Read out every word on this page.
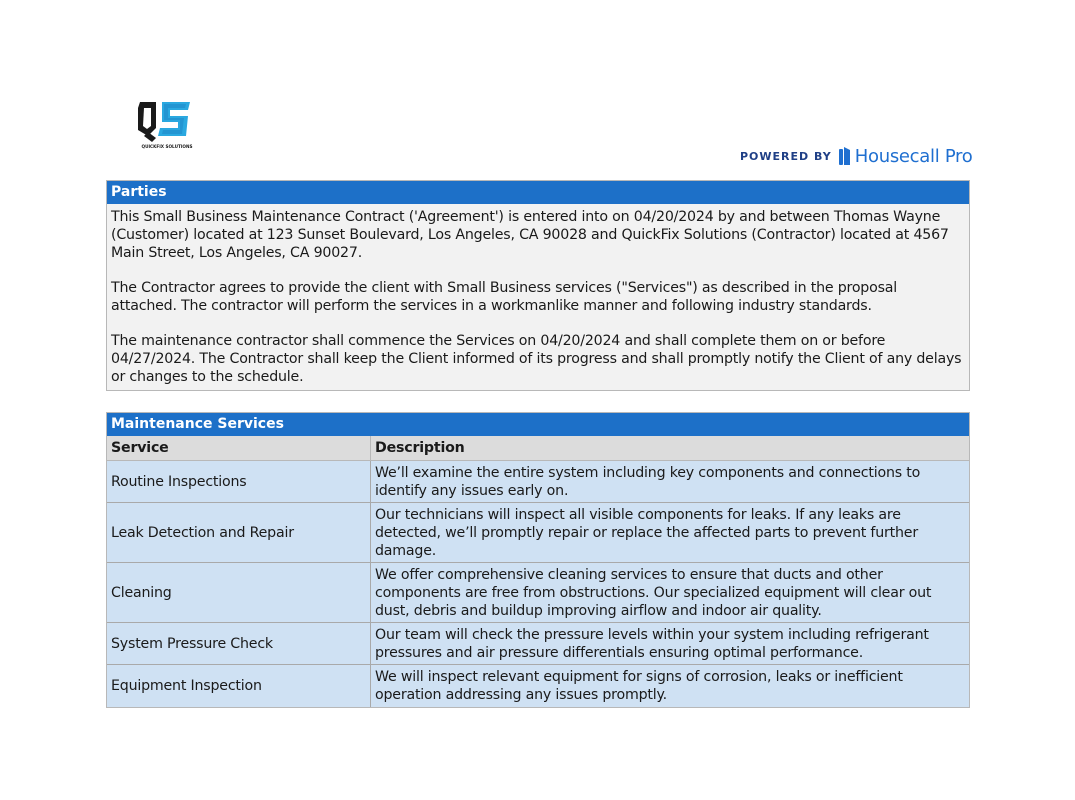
QUICKFIX SOLUTIONS
POWERED BY Housecall Pro
Parties

This Small Business Maintenance Contract ('Agreement') is entered into on 04/20/2024 by and between Thomas Wayne (Customer) located at 123 Sunset Boulevard, Los Angeles, CA 90028 and QuickFix Solutions (Contractor) located at 4567 Main Street, Los Angeles, CA 90027.

The Contractor agrees to provide the client with Small Business services ("Services") as described in the proposal attached. The contractor will perform the services in a workmanlike manner and following industry standards.

The maintenance contractor shall commence the Services on 04/20/2024 and shall complete them on or before 04/27/2024. The Contractor shall keep the Client informed of its progress and shall promptly notify the Client of any delays or changes to the schedule.

Maintenance Services
Service	Description
Routine Inspections	We’ll examine the entire system including key components and connections to identify any issues early on.
Leak Detection and Repair	Our technicians will inspect all visible components for leaks. If any leaks are detected, we’ll promptly repair or replace the affected parts to prevent further damage.
Cleaning	We offer comprehensive cleaning services to ensure that ducts and other components are free from obstructions. Our specialized equipment will clear out dust, debris and buildup improving airflow and indoor air quality.
System Pressure Check	Our team will check the pressure levels within your system including refrigerant pressures and air pressure differentials ensuring optimal performance.
Equipment Inspection	We will inspect relevant equipment for signs of corrosion, leaks or inefficient operation addressing any issues promptly.
